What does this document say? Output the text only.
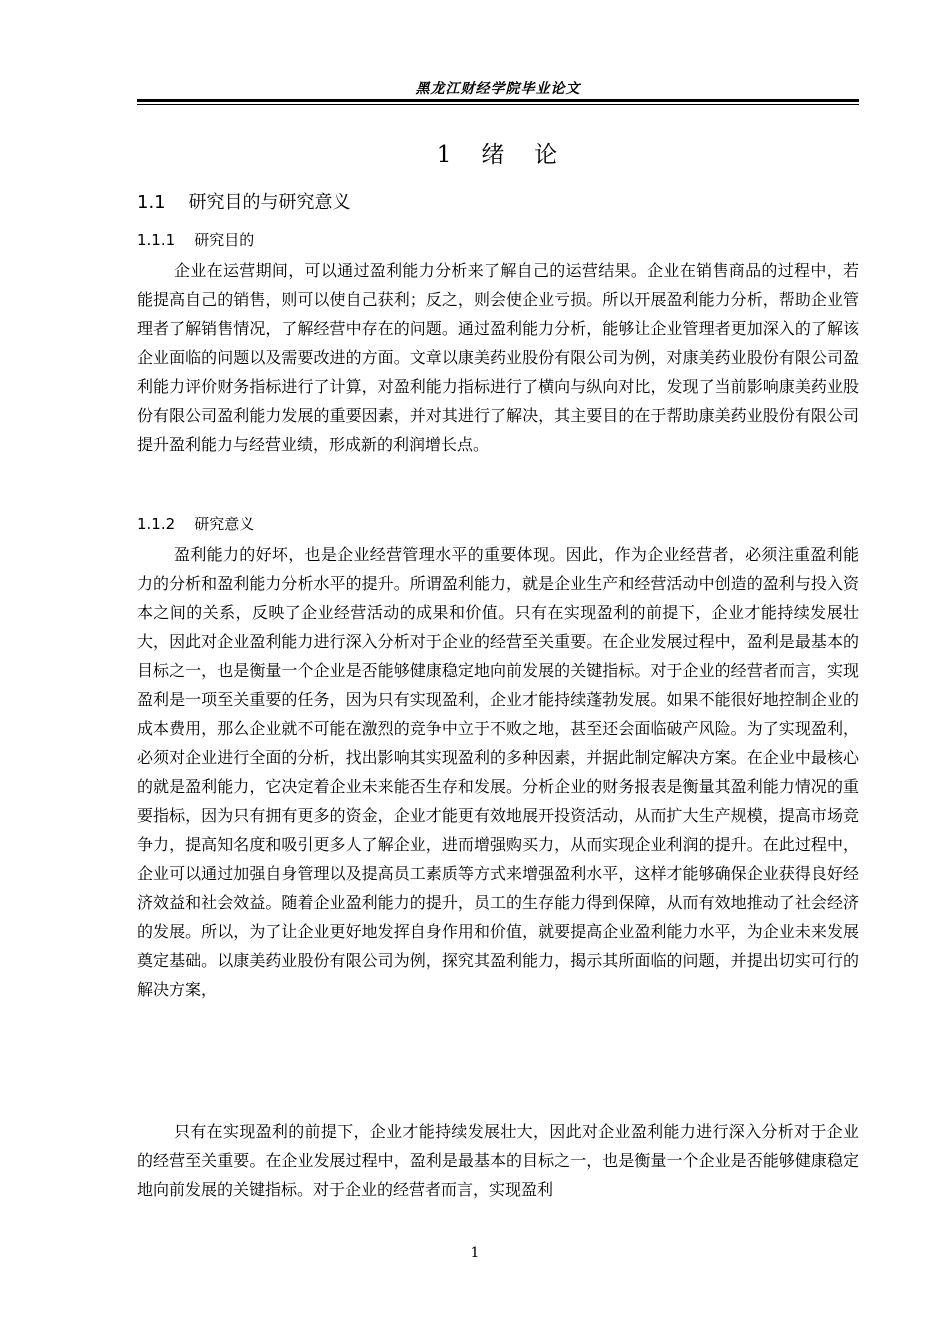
黑龙江财经学院毕业论文
1   绪   论
1.1    研究目的与研究意义
1.1.1    研究目的

企业在运营期间，可以通过盈利能力分析来了解自己的运营结果。企业在销售商品的过程中，若能提高自己的销售，则可以使自己获利；反之，则会使企业亏损。所以开展盈利能力分析，帮助企业管理者了解销售情况，了解经营中存在的问题。通过盈利能力分析，能够让企业管理者更加深入的了解该企业面临的问题以及需要改进的方面。文章以康美药业股份有限公司为例，对康美药业股份有限公司盈利能力评价财务指标进行了计算，对盈利能力指标进行了横向与纵向对比，发现了当前影响康美药业股份有限公司盈利能力发展的重要因素，并对其进行了解决，其主要目的在于帮助康美药业股份有限公司提升盈利能力与经营业绩，形成新的利润增长点。

1.1.2    研究意义

盈利能力的好坏，也是企业经营管理水平的重要体现。因此，作为企业经营者，必须注重盈利能力的分析和盈利能力分析水平的提升。所谓盈利能力，就是企业生产和经营活动中创造的盈利与投入资本之间的关系，反映了企业经营活动的成果和价值。只有在实现盈利的前提下，企业才能持续发展壮大，因此对企业盈利能力进行深入分析对于企业的经营至关重要。在企业发展过程中，盈利是最基本的目标之一，也是衡量一个企业是否能够健康稳定地向前发展的关键指标。对于企业的经营者而言，实现盈利是一项至关重要的任务，因为只有实现盈利，企业才能持续蓬勃发展。如果不能很好地控制企业的成本费用，那么企业就不可能在激烈的竞争中立于不败之地，甚至还会面临破产风险。为了实现盈利，必须对企业进行全面的分析，找出影响其实现盈利的多种因素，并据此制定解决方案。在企业中最核心的就是盈利能力，它决定着企业未来能否生存和发展。分析企业的财务报表是衡量其盈利能力情况的重要指标，因为只有拥有更多的资金，企业才能更有效地展开投资活动，从而扩大生产规模，提高市场竞争力，提高知名度和吸引更多人了解企业，进而增强购买力，从而实现企业利润的提升。在此过程中，企业可以通过加强自身管理以及提高员工素质等方式来增强盈利水平，这样才能够确保企业获得良好经济效益和社会效益。随着企业盈利能力的提升，员工的生存能力得到保障，从而有效地推动了社会经济的发展。所以，为了让企业更好地发挥自身作用和价值，就要提高企业盈利能力水平，为企业未来发展奠定基础。以康美药业股份有限公司为例，探究其盈利能力，揭示其所面临的问题，并提出切实可行的解决方案，

只有在实现盈利的前提下，企业才能持续发展壮大，因此对企业盈利能力进行深入分析对于企业的经营至关重要。在企业发展过程中，盈利是最基本的目标之一，也是衡量一个企业是否能够健康稳定地向前发展的关键指标。对于企业的经营者而言，实现盈利

1
